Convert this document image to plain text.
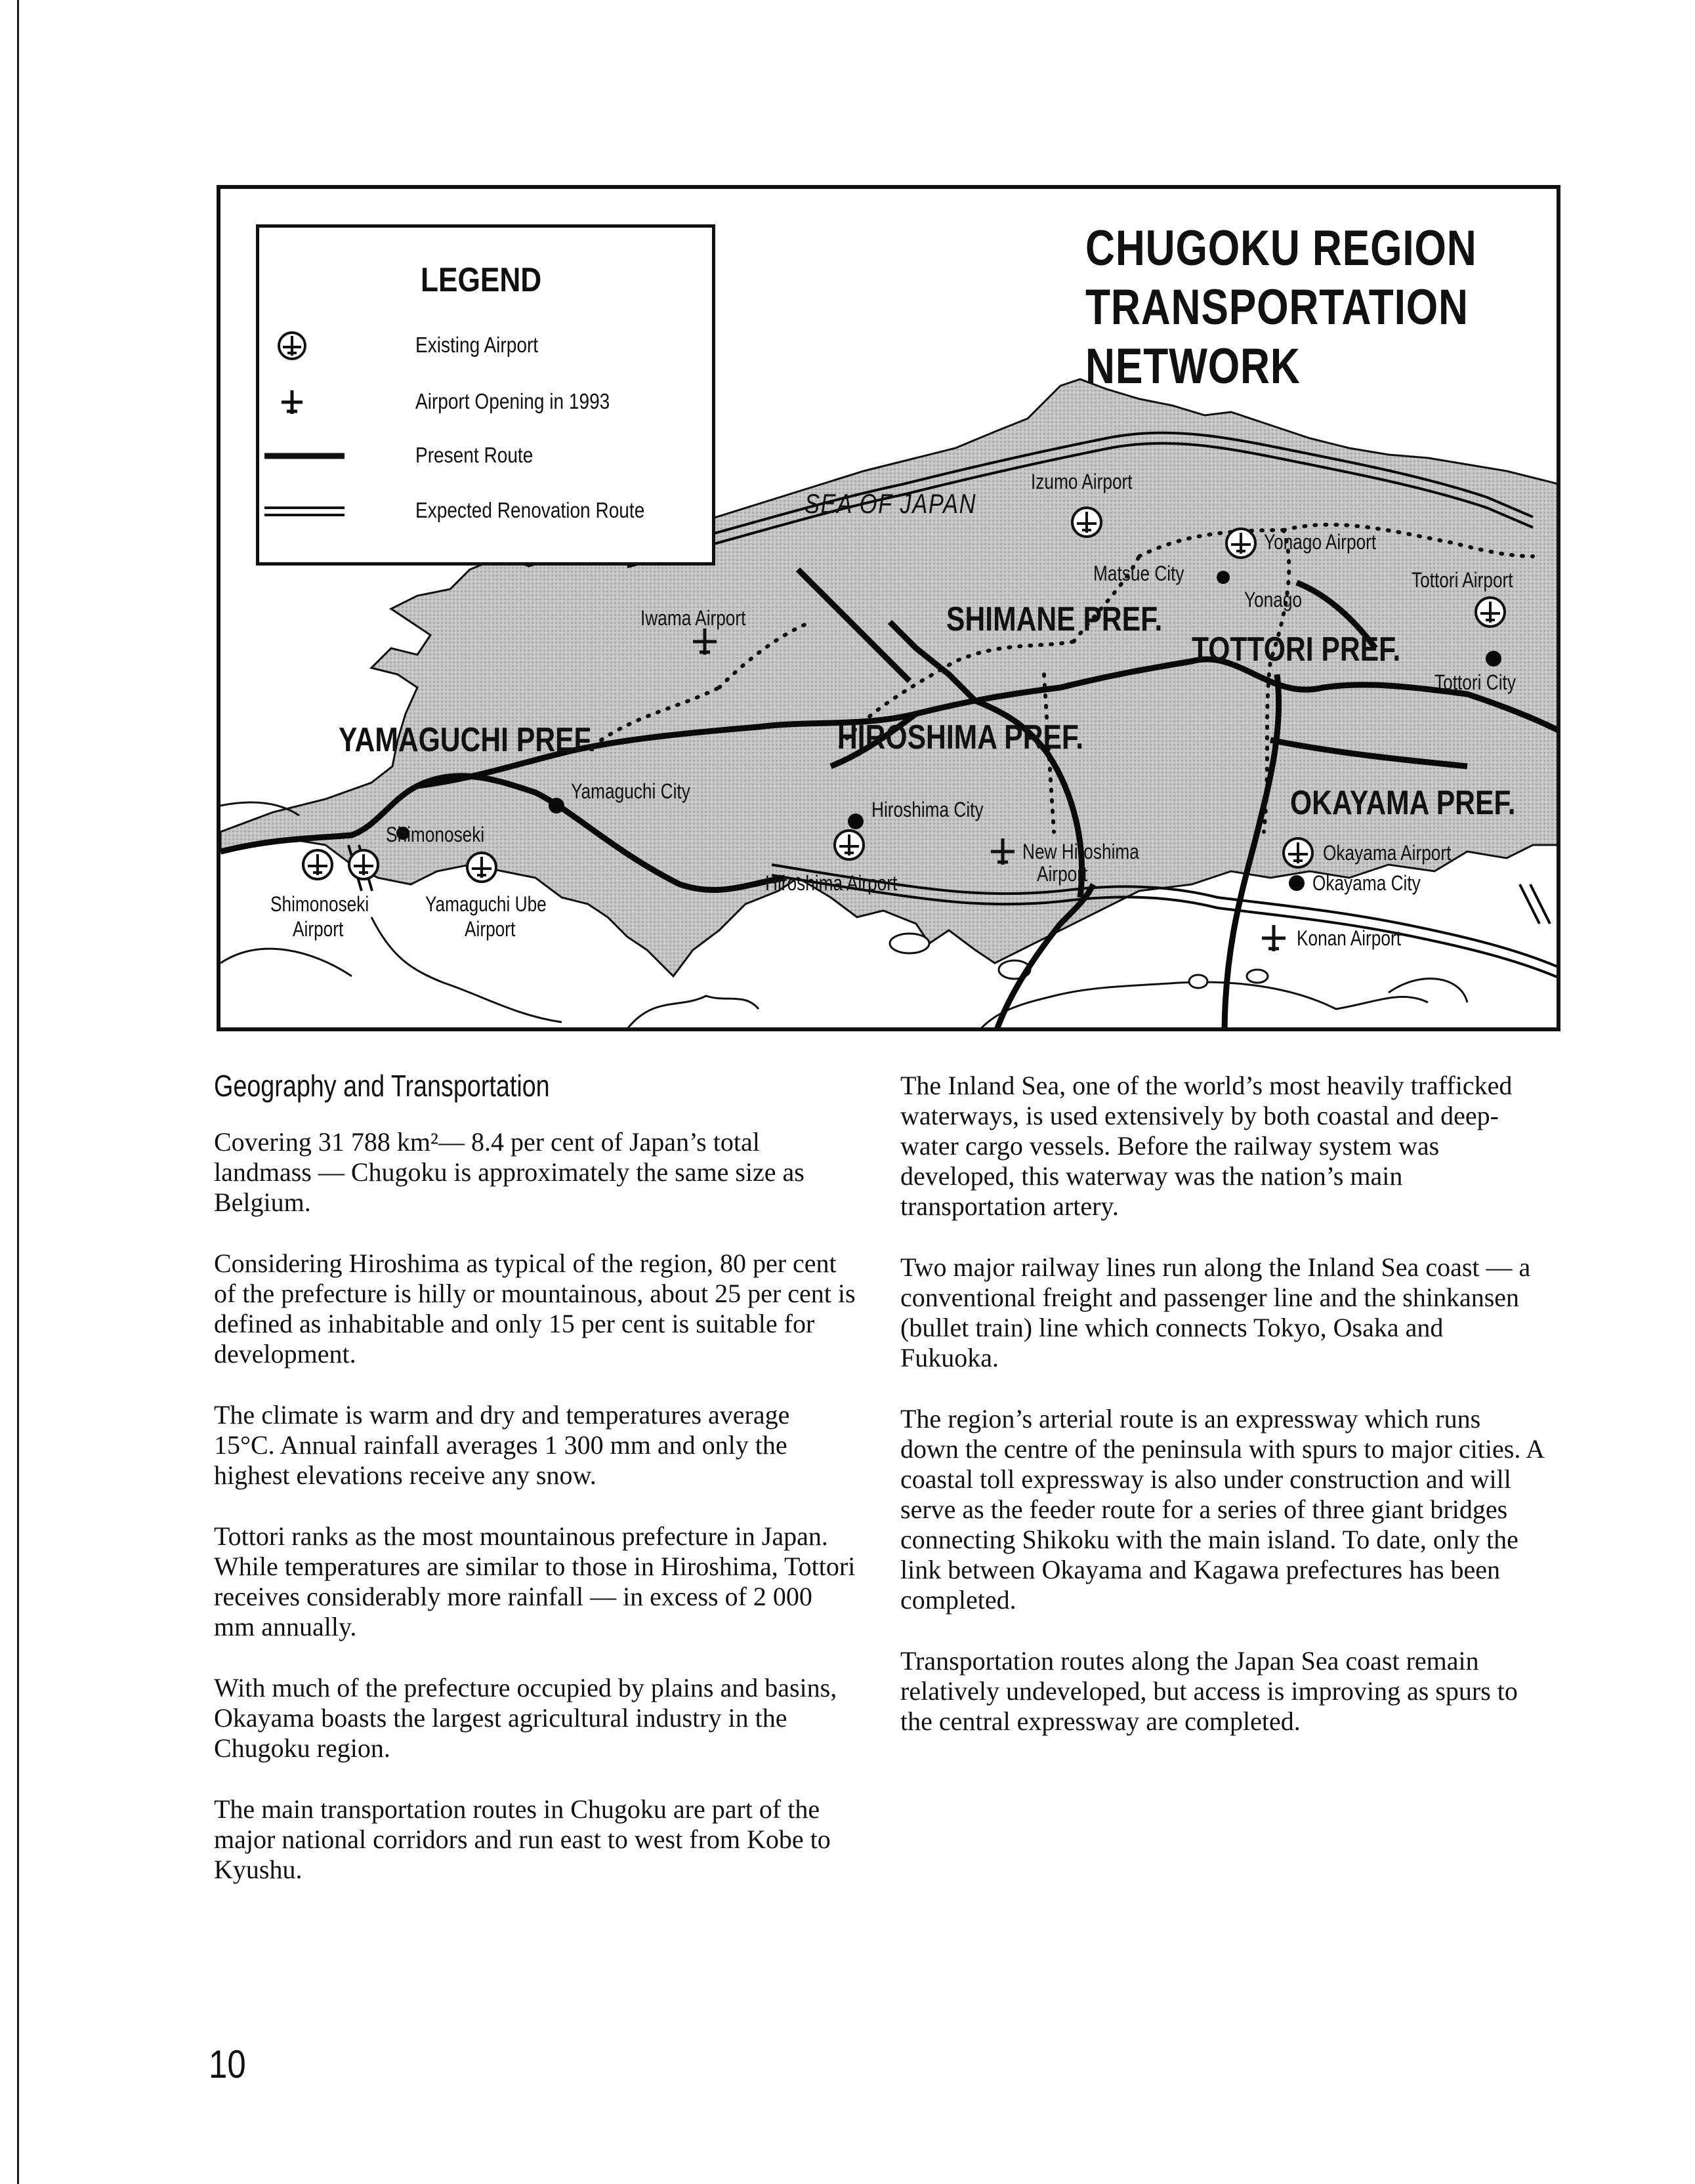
LEGEND
Existing Airport
Airport Opening in 1993
Present Route
Expected Renovation Route
CHUGOKU REGION
TRANSPORTATION
NETWORK
SEA OF JAPAN
Izumo Airport
Yonago Airport
Tottori Airport
Matsue City
Yonago
Iwama Airport	SHIMANE PREF.
TOTTORI PREF.
Tottori City
YAMAGUCHI PREF.	HIROSHIMA PREF.
Yamaguchi City
Hiroshima City	OKAYAMA PREF.
Shimonoseki
New Hiroshima
Airport
Okayama Airport
Okayama City
Hiroshima Airport
Konan Airport
Shimonoseki
Airport
Yamaguchi Ube
Airport
Geography and Transportation

Covering 31 788 km²— 8.4 per cent of Japan’s total landmass — Chugoku is approximately the same size as Belgium.

Considering Hiroshima as typical of the region, 80 per cent of the prefecture is hilly or mountainous, about 25 per cent is defined as inhabitable and only 15 per cent is suitable for development.

The climate is warm and dry and temperatures average 15°C. Annual rainfall averages 1 300 mm and only the highest elevations receive any snow.

Tottori ranks as the most mountainous prefecture in Japan. While temperatures are similar to those in Hiroshima, Tottori receives considerably more rainfall — in excess of 2 000 mm annually.

With much of the prefecture occupied by plains and basins, Okayama boasts the largest agricultural industry in the Chugoku region.

The main transportation routes in Chugoku are part of the major national corridors and run east to west from Kobe to Kyushu.

The Inland Sea, one of the world’s most heavily trafficked waterways, is used extensively by both coastal and deep-water cargo vessels. Before the railway system was developed, this waterway was the nation’s main transportation artery.

Two major railway lines run along the Inland Sea coast — a conventional freight and passenger line and the shinkansen (bullet train) line which connects Tokyo, Osaka and Fukuoka.

The region’s arterial route is an expressway which runs down the centre of the peninsula with spurs to major cities. A coastal toll expressway is also under construction and will serve as the feeder route for a series of three giant bridges connecting Shikoku with the main island. To date, only the link between Okayama and Kagawa prefectures has been completed.

Transportation routes along the Japan Sea coast remain relatively undeveloped, but access is improving as spurs to the central expressway are completed.

10
